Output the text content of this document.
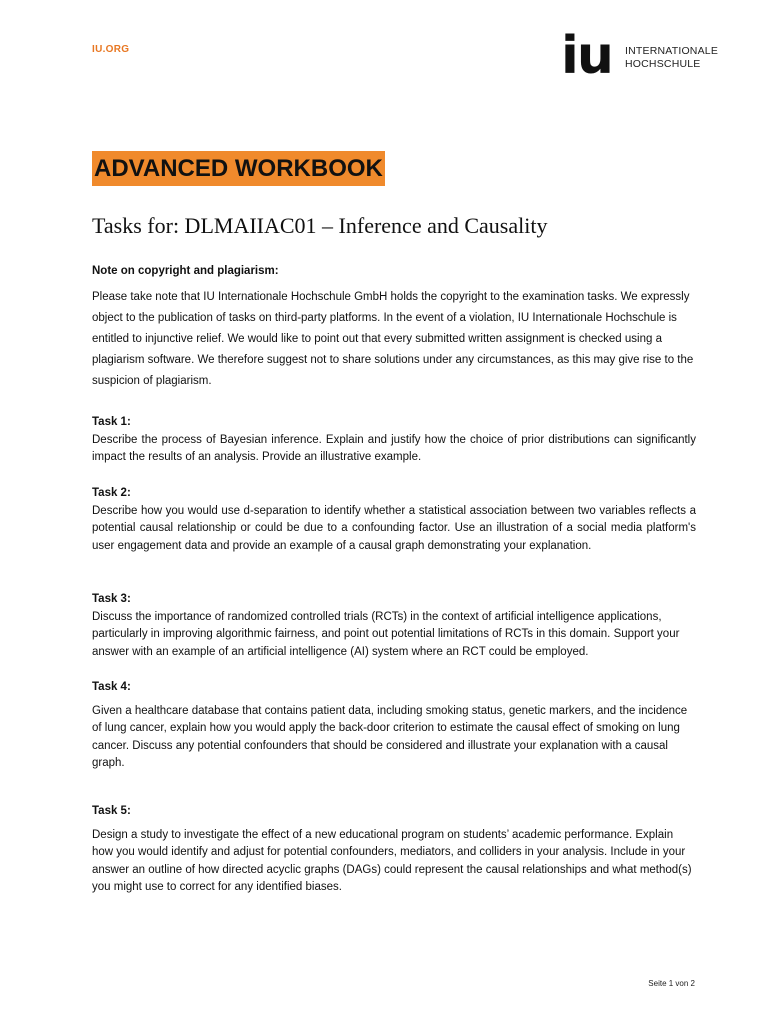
IU.ORG	iu INTERNATIONALE
HOCHSCHULE
ADVANCED WORKBOOK
Tasks for: DLMAIIAC01 – Inference and Causality
Note on copyright and plagiarism:
Please take note that IU Internationale Hochschule GmbH holds the copyright to the examination tasks. We expressly object to the publication of tasks on third-party platforms. In the event of a violation, IU Internationale Hochschule is entitled to injunctive relief. We would like to point out that every submitted written assignment is checked using a plagiarism software. We therefore suggest not to share solutions under any circumstances, as this may give rise to the suspicion of plagiarism.
Task 1:
Describe the process of Bayesian inference. Explain and justify how the choice of prior distributions can significantly impact the results of an analysis. Provide an illustrative example.
Task 2:
Describe how you would use d-separation to identify whether a statistical association between two variables reflects a potential causal relationship or could be due to a confounding factor. Use an illustration of a social media platform's user engagement data and provide an example of a causal graph demonstrating your explanation.
Task 3:
Discuss the importance of randomized controlled trials (RCTs) in the context of artificial intelligence applications, particularly in improving algorithmic fairness, and point out potential limitations of RCTs in this domain. Support your answer with an example of an artificial intelligence (AI) system where an RCT could be employed.
Task 4:
Given a healthcare database that contains patient data, including smoking status, genetic markers, and the incidence of lung cancer, explain how you would apply the back-door criterion to estimate the causal effect of smoking on lung cancer. Discuss any potential confounders that should be considered and illustrate your explanation with a causal graph.
Task 5:
Design a study to investigate the effect of a new educational program on students’ academic performance. Explain how you would identify and adjust for potential confounders, mediators, and colliders in your analysis. Include in your answer an outline of how directed acyclic graphs (DAGs) could represent the causal relationships and what method(s) you might use to correct for any identified biases.
Seite 1 von 2
